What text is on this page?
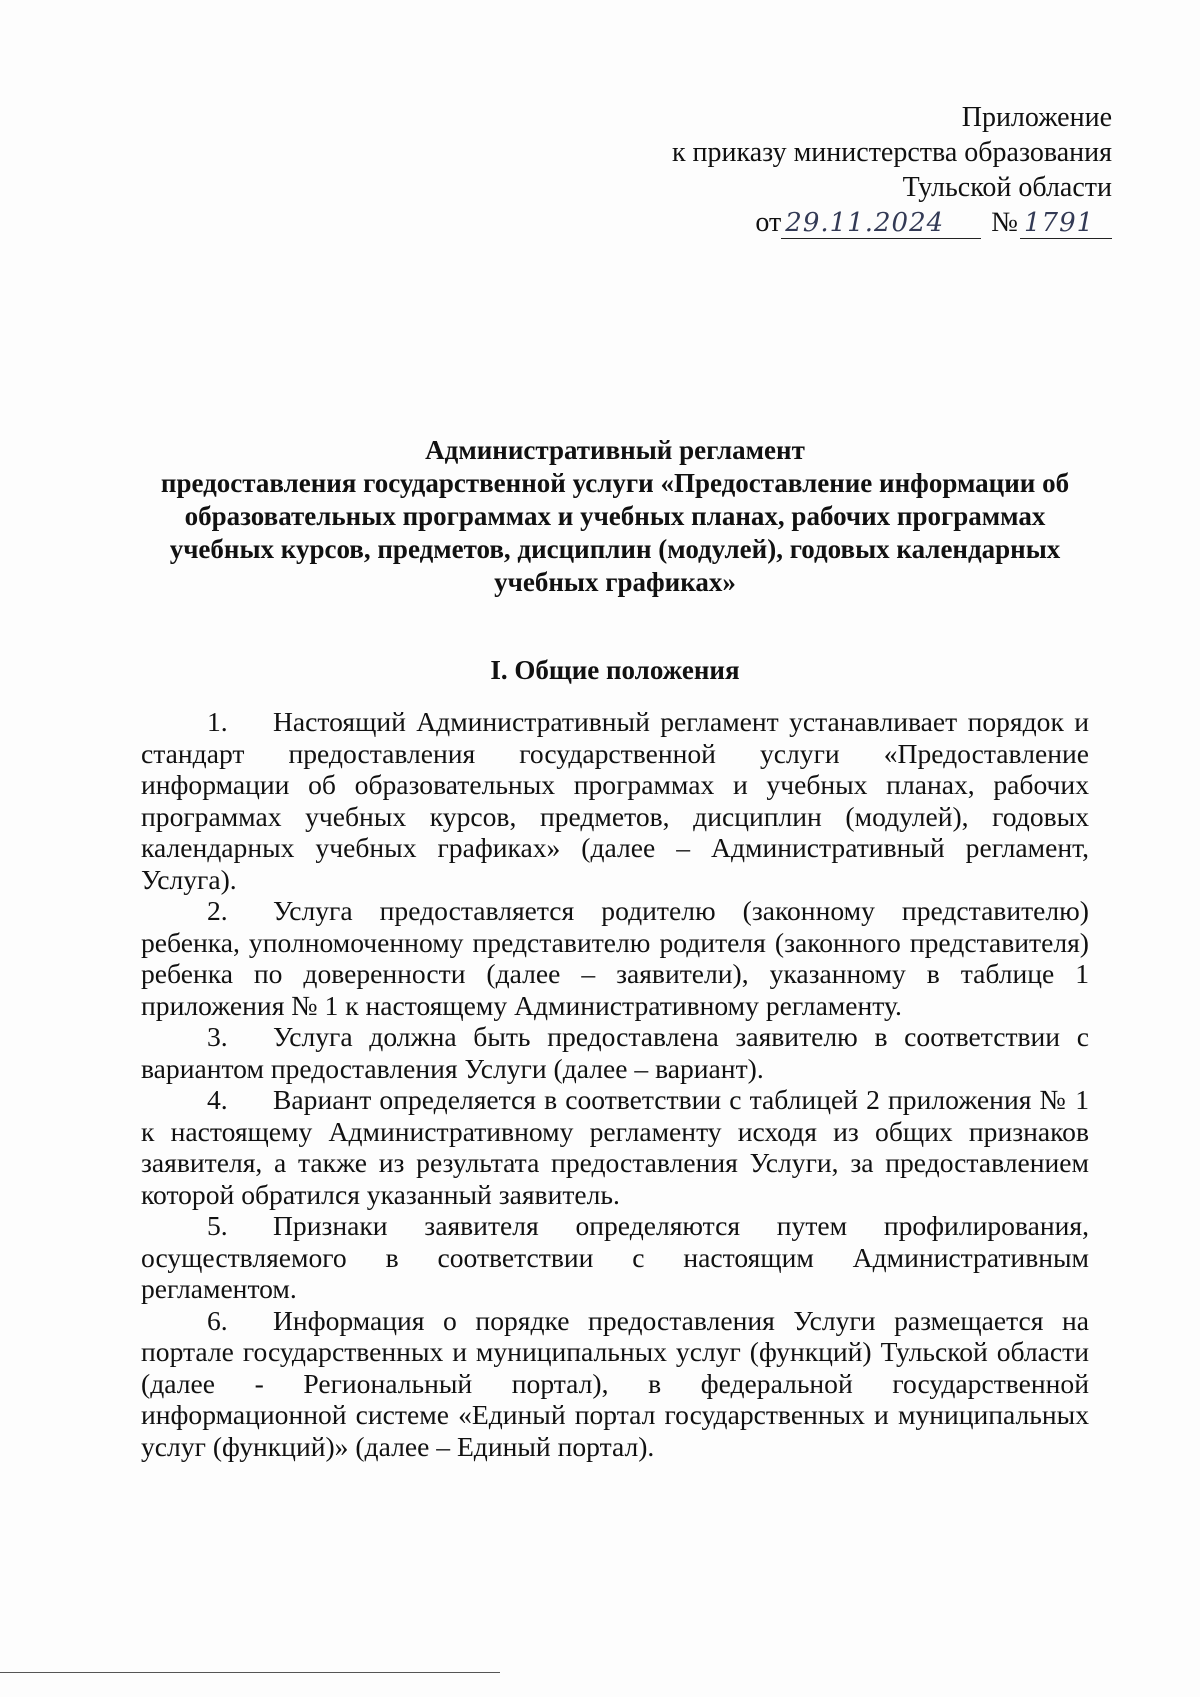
Приложение
к приказу министерства образования
Тульской области
от 29.11.2024 № 1791
Административный регламент
предоставления государственной услуги «Предоставление информации об
образовательных программах и учебных планах, рабочих программах
учебных курсов, предметов, дисциплин (модулей), годовых календарных
учебных графиках»
I. Общие положения

1. Настоящий Административный регламент устанавливает порядок и стандарт предоставления государственной услуги «Предоставление информации об образовательных программах и учебных планах, рабочих программах учебных курсов, предметов, дисциплин (модулей), годовых календарных учебных графиках» (далее – Административный регламент, Услуга).

2. Услуга предоставляется родителю (законному представителю) ребенка, уполномоченному представителю родителя (законного представителя) ребенка по доверенности (далее – заявители), указанному в таблице 1 приложения № 1 к настоящему Административному регламенту.

3. Услуга должна быть предоставлена заявителю в соответствии с вариантом предоставления Услуги (далее – вариант).

4. Вариант определяется в соответствии с таблицей 2 приложения № 1 к настоящему Административному регламенту исходя из общих признаков заявителя, а также из результата предоставления Услуги, за предоставлением которой обратился указанный заявитель.

5. Признаки заявителя определяются путем профилирования, осуществляемого в соответствии с настоящим Административным регламентом.

6. Информация о порядке предоставления Услуги размещается на портале государственных и муниципальных услуг (функций) Тульской области (далее - Региональный портал), в федеральной государственной информационной системе «Единый портал государственных и муниципальных услуг (функций)» (далее – Единый портал).
